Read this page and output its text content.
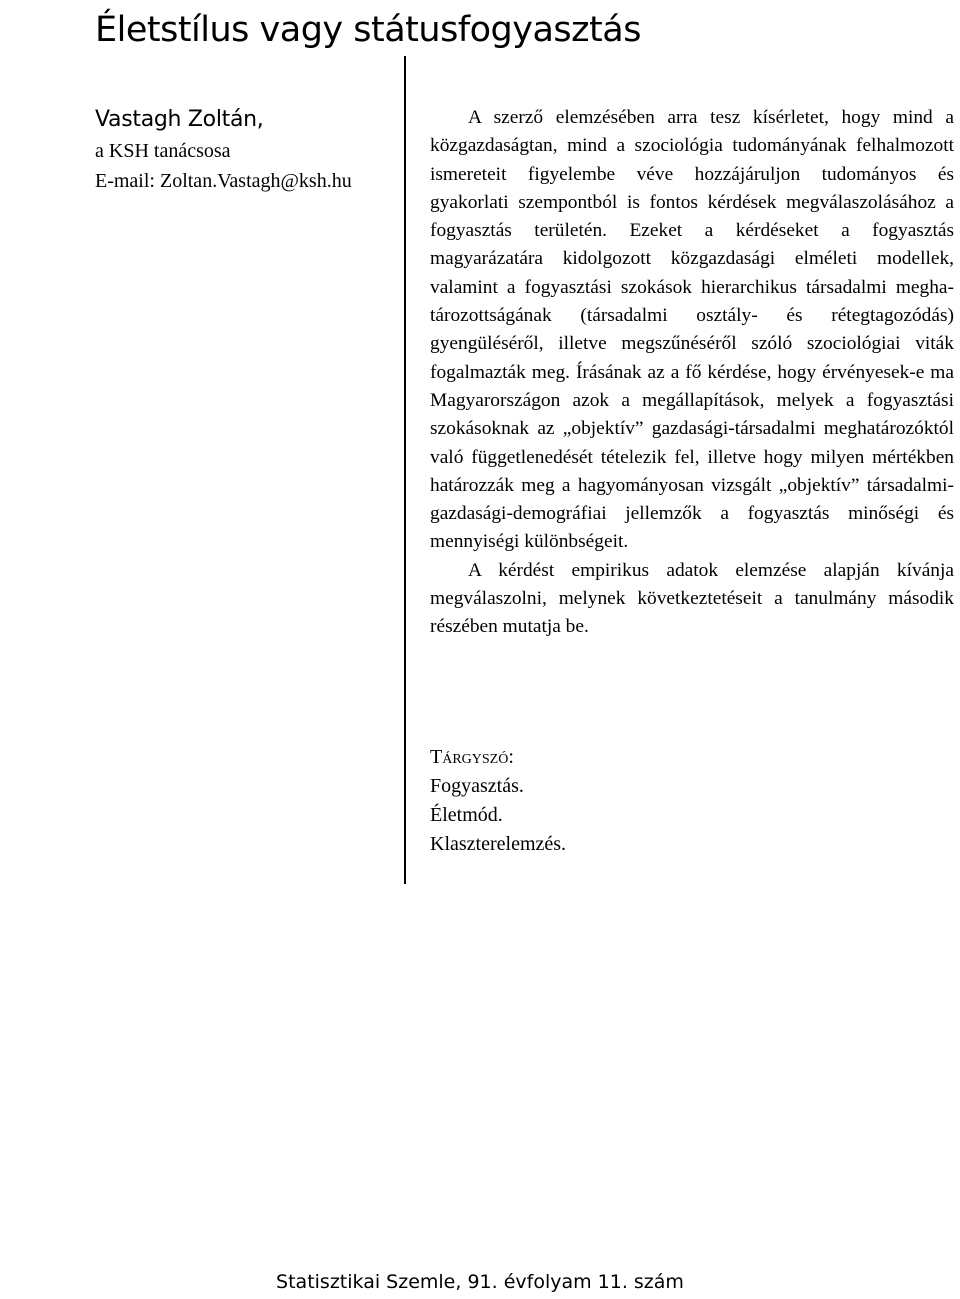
Életstílus vagy státusfogyasztás
Vastagh Zoltán,
a KSH tanácsosa
E-mail: Zoltan.Vastagh@ksh.hu

A szerző elemzésében arra tesz kísérletet, hogy mind a közgazdaságtan, mind a szociológia tudományának felhalmozott ismereteit figyelembe véve hozzájáruljon tudományos és gyakorlati szempontból is fontos kérdések megválaszolásához a fogyasztás területén. Ezeket a kérdéseket a fogyasztás magyarázatára kidolgozott közgazdasági elméleti modellek, valamint a fogyasztási szokások hierarchikus társadalmi meghatározottságának (társadalmi osztály- és rétegtagozódás) gyengüléséről, illetve megszűnéséről szóló szociológiai viták fogalmazták meg. Írásának az a fő kérdése, hogy érvényesek-e ma Magyarországon azok a megállapítások, melyek a fogyasztási szokásoknak az „objektív” gazdasági-társadalmi meghatározóktól való függetlenedését tételezik fel, illetve hogy milyen mértékben határozzák meg a hagyományosan vizsgált „objektív” társadalmi-gazdasági-demográfiai jellemzők a fogyasztás minőségi és mennyiségi különbségeit.

A kérdést empirikus adatok elemzése alapján kívánja megválaszolni, melynek következtetéseit a tanulmány második részében mutatja be.

Tárgyszó:
Fogyasztás.
Életmód.
Klaszterelemzés.
Statisztikai Szemle, 91. évfolyam 11. szám
